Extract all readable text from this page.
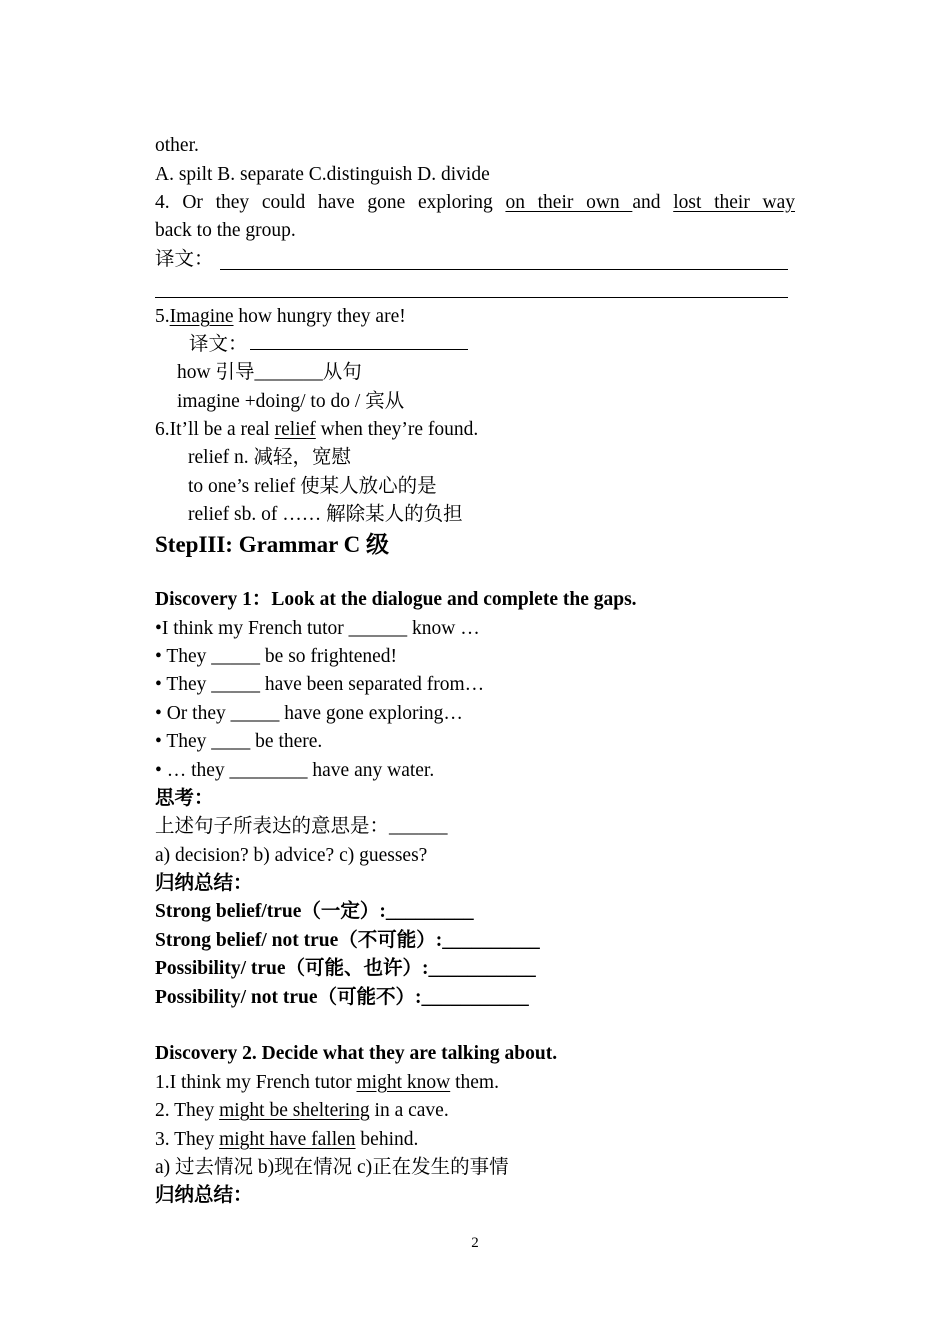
other.
A. spilt B. separate C.distinguish D. divide
4. Or they could have gone exploring on their own and lost their way
back to the group.
译文：
5.Imagine how hungry they are!
译文：
how 引导_______从句
imagine +doing/ to do / 宾从
6.It’ll be a real relief when they’re found.
relief n. 减轻，宽慰
to one’s relief 使某人放心的是
relief sb. of …… 解除某人的负担
StepIII: Grammar C 级
Discovery 1：Look at the dialogue and complete the gaps.
•I think my French tutor ______ know …
• They _____ be so frightened!
• They _____ have been separated from…
• Or they _____ have gone exploring…
• They ____ be there.
• … they ________ have any water.
思考：
上述句子所表达的意思是：______
a) decision? b) advice? c) guesses?
归纳总结：
Strong belief/true（一定）:_________
Strong belief/ not true（不可能）:__________
Possibility/ true（可能、也许）:___________
Possibility/ not true（可能不）:___________
Discovery 2. Decide what they are talking about.
1.I think my French tutor might know them.
2. They might be sheltering in a cave.
3. They might have fallen behind.
a) 过去情况 b)现在情况 c)正在发生的事情
归纳总结：
2
